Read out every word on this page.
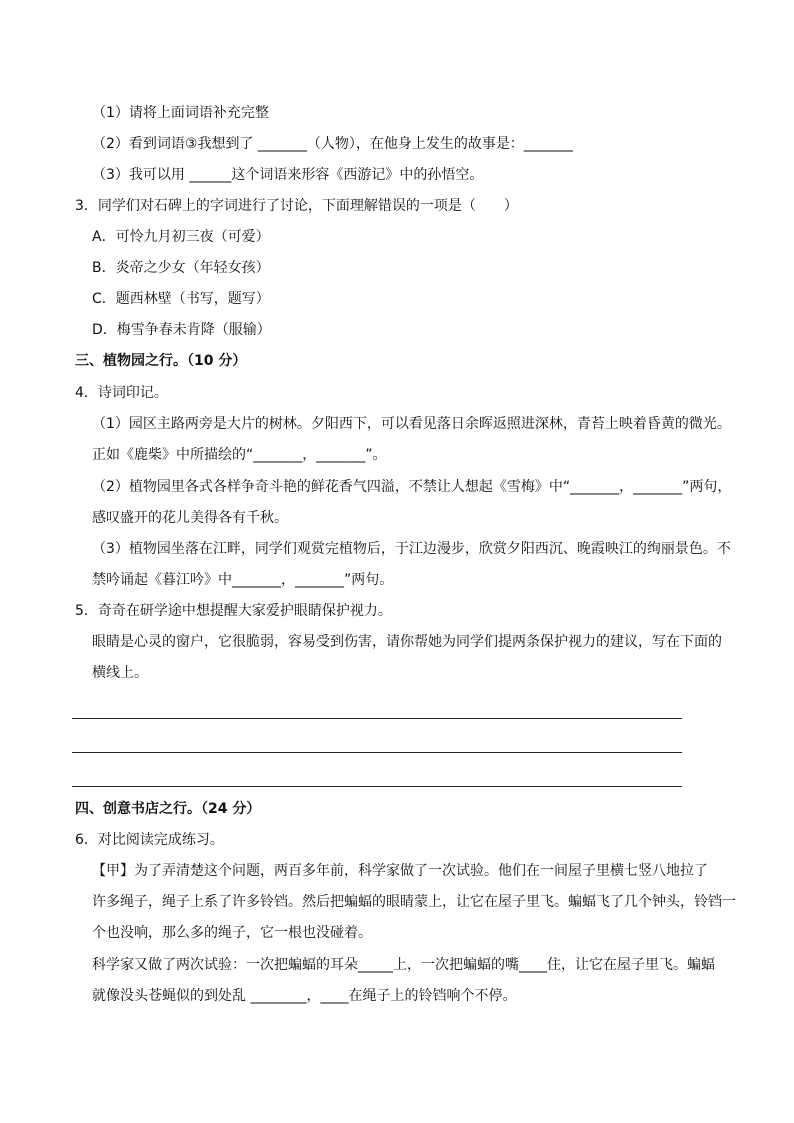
（1）请将上面词语补充完整
（2）看到词语③我想到了 _______（人物），在他身上发生的故事是：_______
（3）我可以用 ______这个词语来形容《西游记》中的孙悟空。
3．同学们对石碑上的字词进行了讨论，下面理解错误的一项是（　　）
A．可怜九月初三夜（可爱）
B．炎帝之少女（年轻女孩）
C．题西林壁（书写，题写）
D．梅雪争春未肯降（服输）
三、植物园之行。（10 分）
4．诗词印记。
（1）园区主路两旁是大片的树林。夕阳西下，可以看见落日余晖返照进深林，青苔上映着昏黄的微光。
正如《鹿柴》中所描绘的“_______，_______”。
（2）植物园里各式各样争奇斗艳的鲜花香气四溢，不禁让人想起《雪梅》中“_______，_______”两句，
感叹盛开的花儿美得各有千秋。
（3）植物园坐落在江畔，同学们观赏完植物后，于江边漫步，欣赏夕阳西沉、晚霞映江的绚丽景色。不
禁吟诵起《暮江吟》中_______，_______”两句。
5．奇奇在研学途中想提醒大家爱护眼睛保护视力。
眼睛是心灵的窗户，它很脆弱，容易受到伤害，请你帮她为同学们提两条保护视力的建议，写在下面的
横线上。
四、创意书店之行。（24 分）
6．对比阅读完成练习。
【甲】为了弄清楚这个问题，两百多年前，科学家做了一次试验。他们在一间屋子里横七竖八地拉了
许多绳子，绳子上系了许多铃铛。然后把蝙蝠的眼睛蒙上，让它在屋子里飞。蝙蝠飞了几个钟头，铃铛一
个也没响，那么多的绳子，它一根也没碰着。
科学家又做了两次试验：一次把蝙蝠的耳朵_____上，一次把蝙蝠的嘴____住，让它在屋子里飞。蝙蝠
就像没头苍蝇似的到处乱 ________，____在绳子上的铃铛响个不停。
